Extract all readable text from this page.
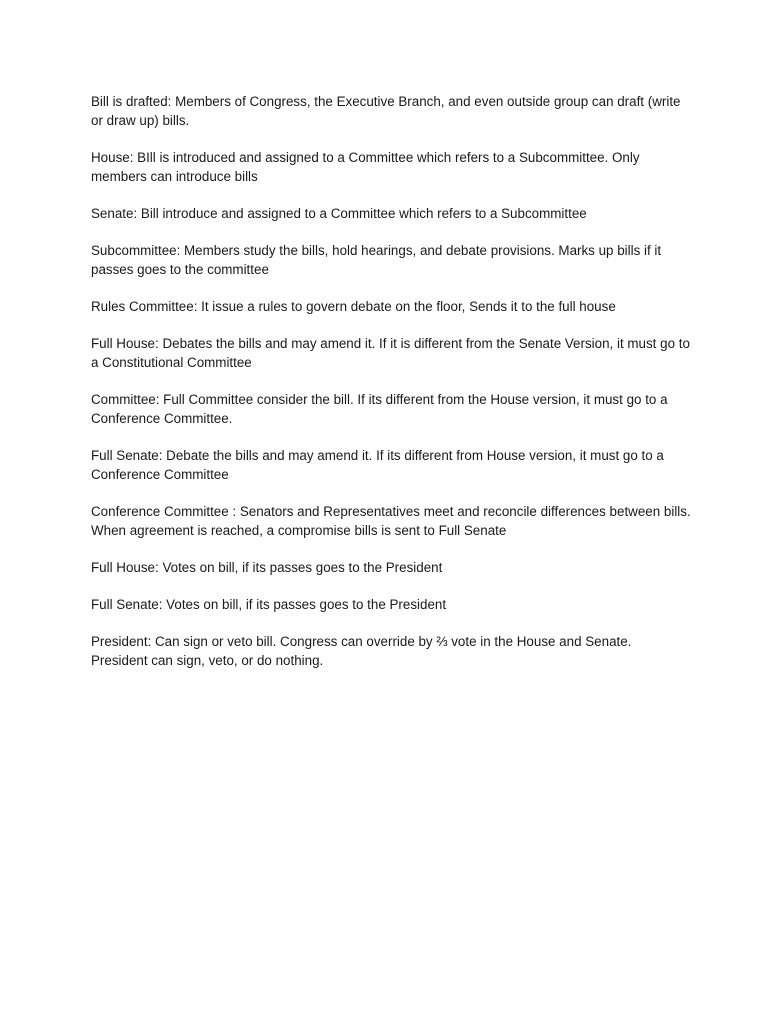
Bill is drafted: Members of Congress, the Executive Branch, and even outside group can draft (write or draw up) bills.

House: BIll is introduced and assigned to a Committee which refers to a Subcommittee. Only members can introduce bills

Senate: Bill introduce and assigned to a Committee which refers to a Subcommittee

Subcommittee: Members study the bills, hold hearings, and debate provisions. Marks up bills if it passes goes to the committee

Rules Committee: It issue a rules to govern debate on the floor, Sends it to the full house

Full House: Debates the bills and may amend it. If it is different from the Senate Version, it must go to a Constitutional Committee

Committee: Full Committee consider the bill. If its different from the House version, it must go to a Conference Committee.

Full Senate: Debate the bills and may amend it. If its different from House version, it must go to a Conference Committee

Conference Committee : Senators and Representatives meet and reconcile differences between bills. When agreement is reached, a compromise bills is sent to Full Senate

Full House: Votes on bill, if its passes goes to the President

Full Senate: Votes on bill, if its passes goes to the President

President: Can sign or veto bill. Congress can override by ⅔ vote in the House and Senate.
President can sign, veto, or do nothing.
